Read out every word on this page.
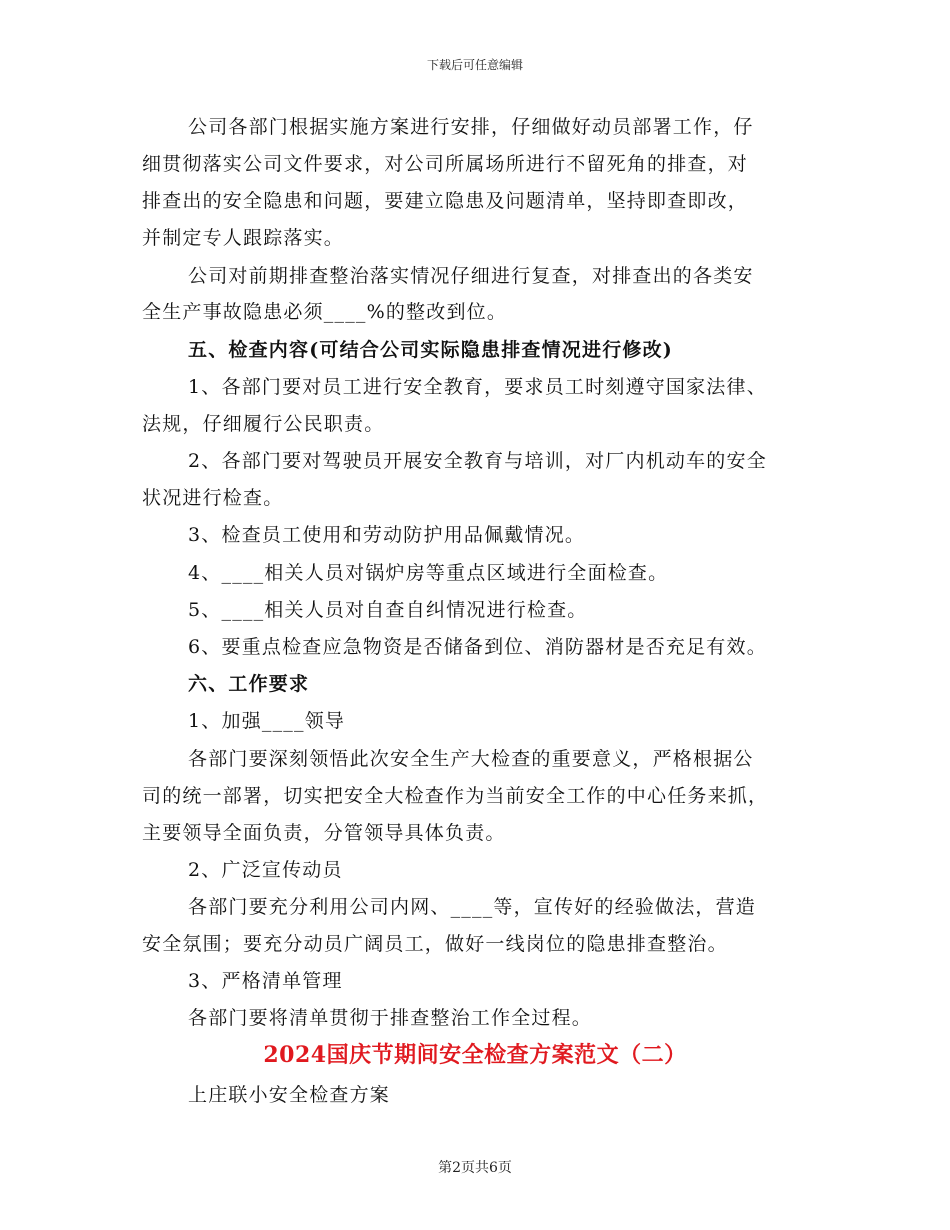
下载后可任意编辑
公司各部门根据实施方案进行安排，仔细做好动员部署工作，仔
细贯彻落实公司文件要求，对公司所属场所进行不留死角的排查，对
排查出的安全隐患和问题，要建立隐患及问题清单，坚持即查即改，
并制定专人跟踪落实。
公司对前期排查整治落实情况仔细进行复查，对排查出的各类安
全生产事故隐患必须____%的整改到位。
五、检查内容(可结合公司实际隐患排查情况进行修改)
1、各部门要对员工进行安全教育，要求员工时刻遵守国家法律、
法规，仔细履行公民职责。
2、各部门要对驾驶员开展安全教育与培训，对厂内机动车的安全
状况进行检查。
3、检查员工使用和劳动防护用品佩戴情况。
4、____相关人员对锅炉房等重点区域进行全面检查。
5、____相关人员对自查自纠情况进行检查。
6、要重点检查应急物资是否储备到位、消防器材是否充足有效。
六、工作要求
1、加强____领导
各部门要深刻领悟此次安全生产大检查的重要意义，严格根据公
司的统一部署，切实把安全大检查作为当前安全工作的中心任务来抓，
主要领导全面负责，分管领导具体负责。
2、广泛宣传动员
各部门要充分利用公司内网、____等，宣传好的经验做法，营造
安全氛围；要充分动员广阔员工，做好一线岗位的隐患排查整治。
3、严格清单管理
各部门要将清单贯彻于排查整治工作全过程。
上庄联小安全检查方案
2024国庆节期间安全检查方案范文（二）
第2页共6页
